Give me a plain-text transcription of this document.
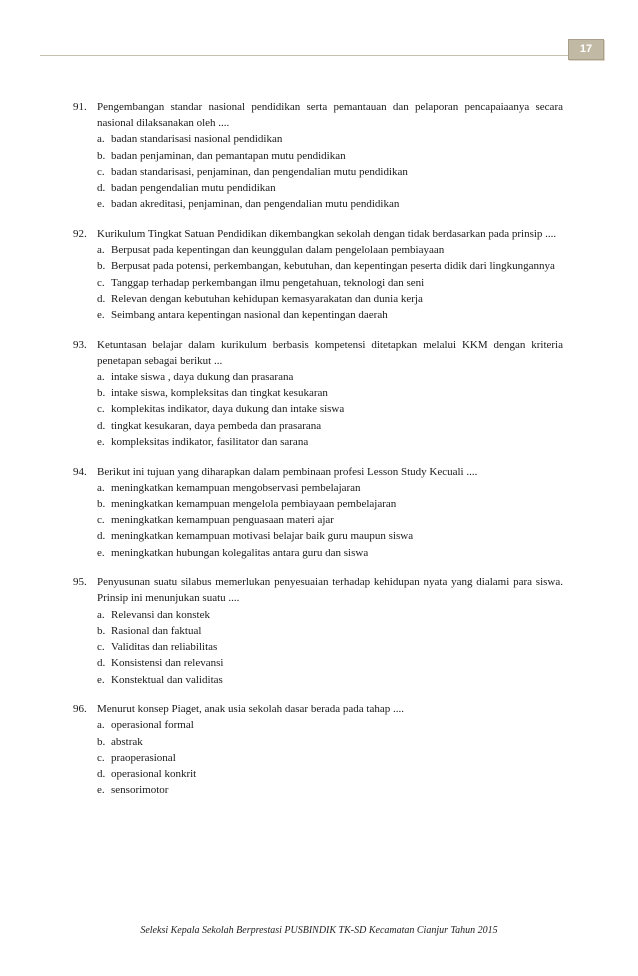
17
91. Pengembangan standar nasional pendidikan serta pemantauan dan pelaporan pencapaiaanya secara nasional dilaksanakan oleh ....
a. badan standarisasi nasional pendidikan
b. badan penjaminan, dan pemantapan mutu pendidikan
c. badan standarisasi, penjaminan, dan pengendalian mutu pendidikan
d. badan pengendalian mutu pendidikan
e. badan akreditasi, penjaminan, dan pengendalian mutu pendidikan
92. Kurikulum Tingkat Satuan Pendidikan dikembangkan sekolah dengan tidak berdasarkan pada prinsip ....
a. Berpusat pada kepentingan dan keunggulan dalam pengelolaan pembiayaan
b. Berpusat pada potensi, perkembangan, kebutuhan, dan kepentingan peserta didik dari lingkungannya
c. Tanggap terhadap perkembangan ilmu pengetahuan, teknologi dan seni
d. Relevan dengan kebutuhan kehidupan kemasyarakatan dan dunia kerja
e. Seimbang antara kepentingan nasional dan kepentingan daerah
93. Ketuntasan belajar dalam kurikulum berbasis kompetensi ditetapkan melalui KKM dengan kriteria penetapan sebagai berikut ...
a. intake siswa , daya dukung dan prasarana
b. intake siswa, kompleksitas dan tingkat kesukaran
c. komplekitas indikator, daya dukung dan intake siswa
d. tingkat kesukaran, daya pembeda dan prasarana
e. kompleksitas indikator, fasilitator dan sarana
94. Berikut ini tujuan yang diharapkan dalam pembinaan profesi Lesson Study Kecuali ....
a. meningkatkan kemampuan mengobservasi pembelajaran
b. meningkatkan kemampuan mengelola pembiayaan pembelajaran
c. meningkatkan kemampuan penguasaan materi ajar
d. meningkatkan kemampuan motivasi belajar baik guru maupun siswa
e. meningkatkan hubungan kolegalitas antara guru dan siswa
95. Penyusunan suatu silabus memerlukan penyesuaian terhadap kehidupan nyata yang dialami para siswa. Prinsip ini menunjukan suatu ....
a. Relevansi dan konstek
b. Rasional dan faktual
c. Validitas dan reliabilitas
d. Konsistensi dan relevansi
e. Konstektual dan validitas
96. Menurut konsep Piaget, anak usia sekolah dasar berada pada tahap ....
a. operasional formal
b. abstrak
c. praoperasional
d. operasional konkrit
e. sensorimotor
Seleksi Kepala Sekolah Berprestasi PUSBINDIK TK-SD Kecamatan Cianjur Tahun 2015
